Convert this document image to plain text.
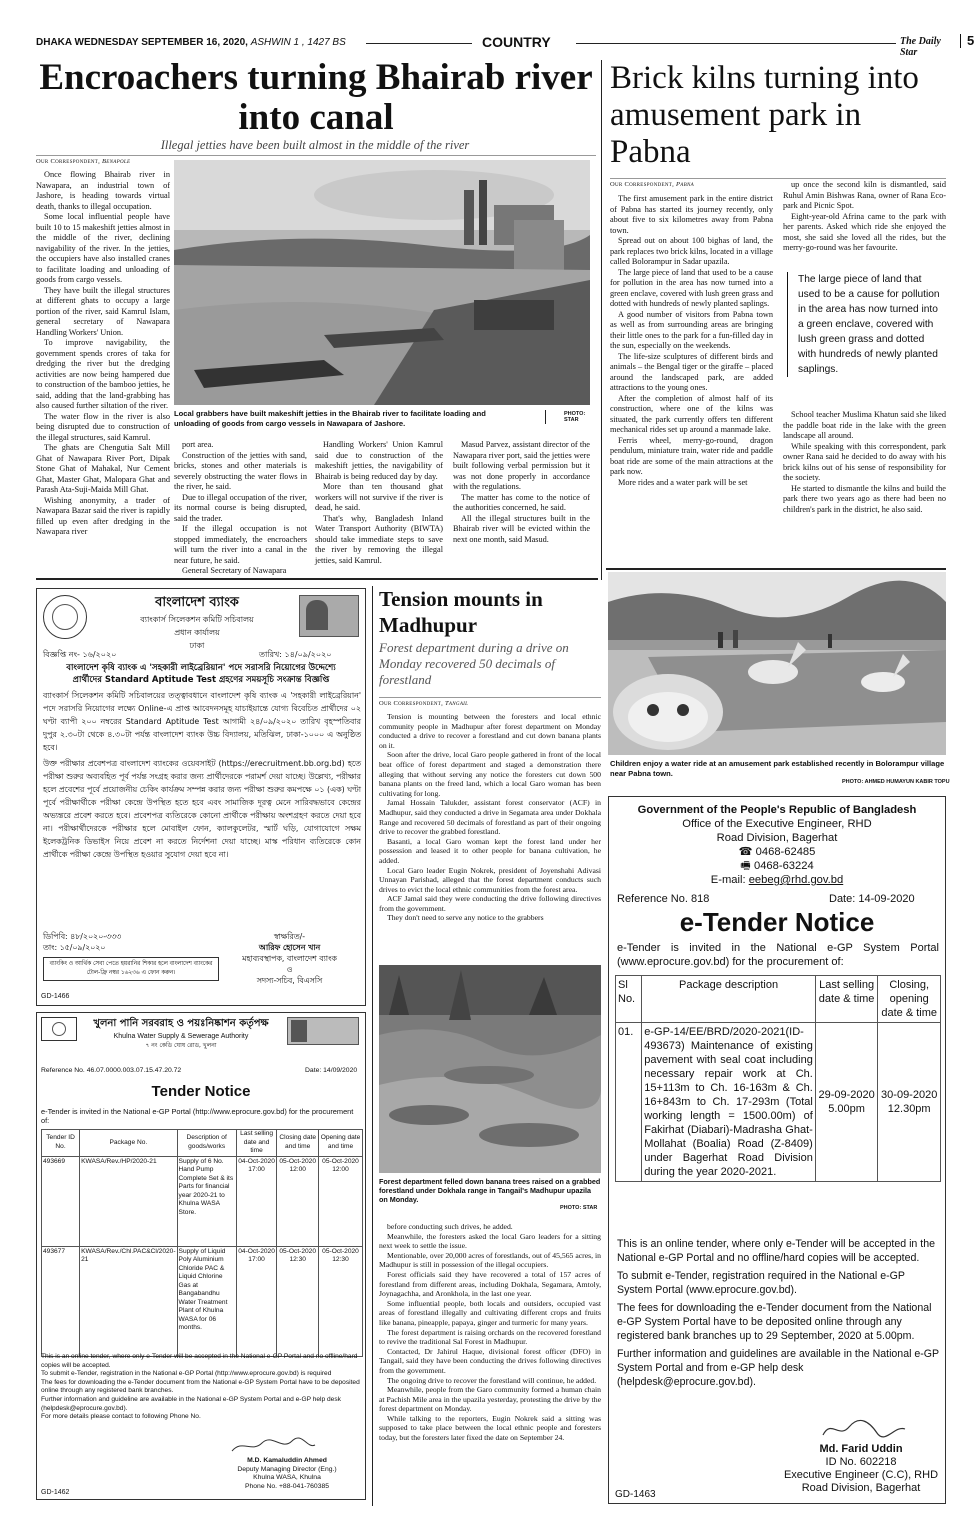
DHAKA WEDNESDAY SEPTEMBER 16, 2020, ASHWIN 1 , 1427 BS	COUNTRY	The Daily Star
5
Encroachers turning Bhairab river into canal
Illegal jetties have been built almost in the middle of the river
Our Correspondent, Benapole

Once flowing Bhairab river in Nawapara, an industrial town of Jashore, is heading towards virtual death, thanks to illegal occupation.

Some local influential people have built 10 to 15 makeshift jetties almost in the middle of the river, declining navigability of the river. In the jetties, the occupiers have also installed cranes to facilitate loading and unloading of goods from cargo vessels.

They have built the illegal structures at different ghats to occupy a large portion of the river, said Kamrul Islam, general secretary of Nawapara Handling Workers' Union.

To improve navigability, the government spends crores of taka for dredging the river but the dredging activities are now being hampered due to construction of the bamboo jetties, he said, adding that the land-grabbing has also caused further siltation of the river.

The water flow in the river is also being disrupted due to construction of the illegal structures, said Kamrul.

The ghats are Chengutia Salt Mill Ghat of Nawapara River Port, Dipak Stone Ghat of Mahakal, Nur Cement Ghat, Master Ghat, Malopara Ghat and Parash Ata-Suji-Maida Mill Ghat.

Wishing anonymity, a trader of Nawapara Bazar said the river is rapidly filled up even after dredging in the Nawapara river

Local grabbers have built makeshift jetties in the Bhairab river to facilitate loading and unloading of goods from cargo vessels in Nawapara of Jashore.
PHOTO: STAR

port area.

Construction of the jetties with sand, bricks, stones and other materials is severely obstructing the water flows in the river, he said.

Due to illegal occupation of the river, its normal course is being disrupted, said the trader.

If the illegal occupation is not stopped immediately, the encroachers will turn the river into a canal in the near future, he said.

General Secretary of Nawapara

Handling Workers' Union Kamrul said due to construction of the makeshift jetties, the navigability of Bhairab is being reduced day by day.

More than ten thousand ghat workers will not survive if the river is dead, he said.

That's why, Bangladesh Inland Water Transport Authority (BIWTA) should take immediate steps to save the river by removing the illegal jetties, said Kamrul.

Masud Parvez, assistant director of the Nawapara river port, said the jetties were built following verbal permission but it was not done properly in accordance with the regulations.

The matter has come to the notice of the authorities concerned, he said.

All the illegal structures built in the Bhairab river will be evicted within the next one month, said Masud.

Brick kilns turning into amusement park in Pabna
Our Correspondent, Pabna

The first amusement park in the entire district of Pabna has started its journey recently, only about five to six kilometres away from Pabna town.

Spread out on about 100 bighas of land, the park replaces two brick kilns, located in a village called Bolorampur in Sadar upazila.

The large piece of land that used to be a cause for pollution in the area has now turned into a green enclave, covered with lush green grass and dotted with hundreds of newly planted saplings.

A good number of visitors from Pabna town as well as from surrounding areas are bringing their little ones to the park for a fun-filled day in the sun, especially on the weekends.

The life-size sculptures of different birds and animals – the Bengal tiger or the giraffe – placed around the landscaped park, are added attractions to the young ones.

After the completion of almost half of its construction, where one of the kilns was situated, the park currently offers ten different mechanical rides set up around a manmade lake.

Ferris wheel, merry-go-round, dragon pendulum, miniature train, water ride and paddle boat ride are some of the main attractions at the park now.

More rides and a water park will be set

up once the second kiln is dismantled, said Ruhul Amin Bishwas Rana, owner of Rana Eco-park and Picnic Spot.

Eight-year-old Afrina came to the park with her parents. Asked which ride she enjoyed the most, she said she loved all the rides, but the merry-go-round was her favourite.

The large piece of land that used to be a cause for pollution in the area has now turned into a green enclave, covered with lush green grass and dotted with hundreds of newly planted saplings.

School teacher Muslima Khatun said she liked the paddle boat ride in the lake with the green landscape all around.

While speaking with this correspondent, park owner Rana said he decided to do away with his brick kilns out of his sense of responsibility for the society.

He started to dismantle the kilns and build the park there two years ago as there had been no children's park in the district, he also said.

Children enjoy a water ride at an amusement park established recently in Bolorampur village near Pabna town.
PHOTO: AHMED HUMAYUN KABIR TOPU
বাংলাদেশ ব্যাংক
ব্যাংকার্স সিলেকশন কমিটি সচিবালয়
প্রধান কার্যালয়
ঢাকা
বিজ্ঞপ্তি নং- ১৬/২০২০	তারিখ: ১৪/০৯/২০২০
বাংলাদেশ কৃষি ব্যাংক এ 'সহকারী লাইব্রেরিয়ান' পদে সরাসরি নিয়োগের উদ্দেশ্যে
প্রার্থীদের Standard Aptitude Test গ্রহণের সময়সূচি সংক্রান্ত বিজ্ঞপ্তি
ব্যাংকার্স সিলেকশন কমিটি সচিবালয়ের তত্ত্বাবধানে বাংলাদেশ কৃষি ব্যাংক এ 'সহকারী লাইব্রেরিয়ান' পদে সরাসরি নিয়োগের লক্ষ্যে Online-এ প্রাপ্ত আবেদনসমূহ যাচাইয়ান্তে যোগ্য বিবেচিত প্রার্থীদের ০২ ঘণ্টা ব্যাপী ২০০ নম্বরের Standard Aptitude Test আগামী ২৪/০৯/২০২০ তারিখ বৃহস্পতিবার দুপুর ২.৩০টা থেকে ৪.৩০টা পর্যন্ত বাংলাদেশ ব্যাংক উচ্চ বিদ্যালয়, মতিঝিল, ঢাকা-১০০০ এ অনুষ্ঠিত হবে।
উক্ত পরীক্ষার প্রবেশপত্র বাংলাদেশ ব্যাংকের ওয়েবসাইট (https://erecruitment.bb.org.bd) হতে পরীক্ষা শুরুর অব্যবহিত পূর্ব পর্যন্ত সংগ্রহ করার জন্য প্রার্থীদেরকে পরামর্শ দেয়া যাচ্ছে। উল্লেখ্য, পরীক্ষার হলে প্রবেশের পূর্বে প্রয়োজনীয় চেকিং কার্যক্রম সম্পন্ন করার জন্য পরীক্ষা শুরুর কমপক্ষে ০১ (এক) ঘণ্টা পূর্বে পরীক্ষার্থীকে পরীক্ষা কেন্দ্রে উপস্থিত হতে হবে এবং সামাজিক দূরত্ব মেনে সারিবদ্ধভাবে কেন্দ্রের অভ্যন্তরে প্রবেশ করতে হবে। প্রবেশপত্র ব্যতিরেকে কোনো প্রার্থীকে পরীক্ষায় অংশগ্রহণ করতে দেয়া হবে না। পরীক্ষার্থীদেরকে পরীক্ষার হলে মোবাইল ফোন, ক্যালকুলেটর, স্মার্ট ঘড়ি, যোগাযোগে সক্ষম ইলেকট্রনিক ডিভাইস নিয়ে প্রবেশ না করতে নির্দেশনা দেয়া যাচ্ছে। মাস্ক পরিধান ব্যতিরেকে কোন প্রার্থীকে পরীক্ষা কেন্দ্রে উপস্থিত হওয়ার সুযোগ দেয়া হবে না।
ডিপিবি: ৪৮/২০২০-৩৩৩
তাং: ১৫/০৯/২০২০
স্বাক্ষরিত/-
আরিফ হোসেন খান
মহাব্যবস্থাপক, বাংলাদেশ ব্যাংক
ও
সদস্য-সচিব, বিএসসি
ব্যাংকিং ও আর্থিক সেবা পেতে হয়রানির শিকার হলে বাংলাদেশ ব্যাংকের টোল-ফ্রি নম্বর ১৬২৩৬ এ ফোন করুন।
GD-1466
খুলনা পানি সরবরাহ ও পয়ঃনিষ্কাশন কর্তৃপক্ষ
Khulna Water Supply & Sewerage Authority
৭ নং কেডি ঘোষ রোড, খুলনা
Reference No. 46.07.0000.003.07.15.47.20.72	Date: 14/09/2020
Tender Notice
e-Tender is invited in the National e-GP Portal (http://www.eprocure.gov.bd) for the procurement of:
Tender ID No.	Package No.	Description of goods/works	Last selling date and time	Closing date and time	Opening date and time
493669	KWASA/Rev./HP/2020-21	Supply of 6 No. Hand Pump Complete Set & its Parts for financial year 2020-21 to Khulna WASA Store.	04-Oct-2020 17:00	05-Oct-2020 12:00	05-Oct-2020 12:00
493677	KWASA/Rev./Chl.PAC&Cl/2020-21	Supply of Liquid Poly Aluminium Chloride PAC & Liquid Chlorine Gas at Bangabandhu Water Treatment Plant of Khulna WASA for 06 months.	04-Oct-2020 17:00	05-Oct-2020 12:30	05-Oct-2020 12:30
This is an online tender, where only e-Tender will be accepted in the National e-GP Portal and no offline/hard copies will be accepted.
To submit e-Tender, registration in the National e-GP Portal (http://www.eprocure.gov.bd) is required
The fees for downloading the e-Tender document from the National e-GP System Portal have to be deposited online through any registered bank branches.
Further information and guideline are available in the National e-GP System Portal and e-GP help desk (helpdesk@eprocure.gov.bd).
For more details please contact to following Phone No.
M.D. Kamaluddin Ahmed
Deputy Managing Director (Eng.)
Khulna WASA, Khulna
Phone No. +88-041-760385
GD-1462
Tension mounts in Madhupur
Forest department during a drive on Monday recovered 50 decimals of forestland
Our Correspondent, Tangail

Tension is mounting between the foresters and local ethnic community people in Madhupur after forest department on Monday conducted a drive to recover a forestland and cut down banana plants on it.

Soon after the drive, local Garo people gathered in front of the local beat office of forest department and staged a demonstration there alleging that without serving any notice the foresters cut down 500 banana plants on the freed land, which a local Garo woman has been cultivating for long.

Jamal Hossain Talukder, assistant forest conservator (ACF) in Madhupur, said they conducted a drive in Segamata area under Dokhala Range and recovered 50 decimals of forestland as part of their ongoing drive to recover the grabbed forestland.

Basanti, a local Garo woman kept the forest land under her possession and leased it to other people for banana cultivation, he added.

Local Garo leader Eugin Nokrek, president of Joyenshahi Adivasi Unnayan Parishad, alleged that the forest department conducts such drives to evict the local ethnic communities from the forest area.

ACF Jamal said they were conducting the drive following directives from the government.

They don't need to serve any notice to the grabbers

Forest department felled down banana trees raised on a grabbed forestland under Dokhala range in Tangail's Madhupur upazila on Monday.
PHOTO: STAR

before conducting such drives, he added.

Meanwhile, the foresters asked the local Garo leaders for a sitting next week to settle the issue.

Mentionable, over 20,000 acres of forestlands, out of 45,565 acres, in Madhupur is still in possession of the illegal occupiers.

Forest officials said they have recovered a total of 157 acres of forestland from different areas, including Dokhala, Segamara, Amtoly, Joynagachha, and Aronkhola, in the last one year.

Some influential people, both locals and outsiders, occupied vast areas of forestland illegally and cultivating different crops and fruits like banana, pineapple, papaya, ginger and turmeric for many years.

The forest department is raising orchards on the recovered forestland to revive the traditional Sal Forest in Madhupur.

Contacted, Dr Jahirul Haque, divisional forest officer (DFO) in Tangail, said they have been conducting the drives following directives from the government.

The ongoing drive to recover the forestland will continue, he added.

Meanwhile, people from the Garo community formed a human chain at Pachish Mile area in the upazila yesterday, protesting the drive by the forest department on Monday.

While talking to the reporters, Eugin Nokrek said a sitting was supposed to take place between the local ethnic people and foresters today, but the foresters later fixed the date on September 24.

Government of the People's Republic of Bangladesh
Office of the Executive Engineer, RHD
Road Division, Bagerhat
☎ 0468-62485
🖷 0468-63224
E-mail: eebeg@rhd.gov.bd
Reference No. 818	Date: 14-09-2020
e-Tender Notice
e-Tender is invited in the National e-GP System Portal (www.eprocure.gov.bd) for the procurement of:
Sl No.	Package description	Last selling date & time	Closing, opening date & time
01.	e-GP-14/EE/BRD/2020-2021(ID-493673) Maintenance of existing pavement with seal coat including necessary repair work at Ch. 15+113m to Ch. 16-163m & Ch. 16+843m to Ch. 17-293m (Total working length = 1500.00m) of Fakirhat (Diabari)-Madrasha Ghat-Mollahat (Boalia) Road (Z-8409) under Bagerhat Road Division during the year 2020-2021.	29-09-2020 5.00pm	30-09-2020 12.30pm

This is an online tender, where only e-Tender will be accepted in the National e-GP Portal and no offline/hard copies will be accepted.

To submit e-Tender, registration required in the National e-GP System Portal (www.eprocure.gov.bd).

The fees for downloading the e-Tender document from the National e-GP System Portal have to be deposited online through any registered bank branches up to 29 September, 2020 at 5.00pm.

Further information and guidelines are available in the National e-GP System Portal and from e-GP help desk (helpdesk@eprocure.gov.bd).

Md. Farid Uddin
ID No. 602218
Executive Engineer (C.C), RHD
Road Division, Bagerhat
GD-1463
